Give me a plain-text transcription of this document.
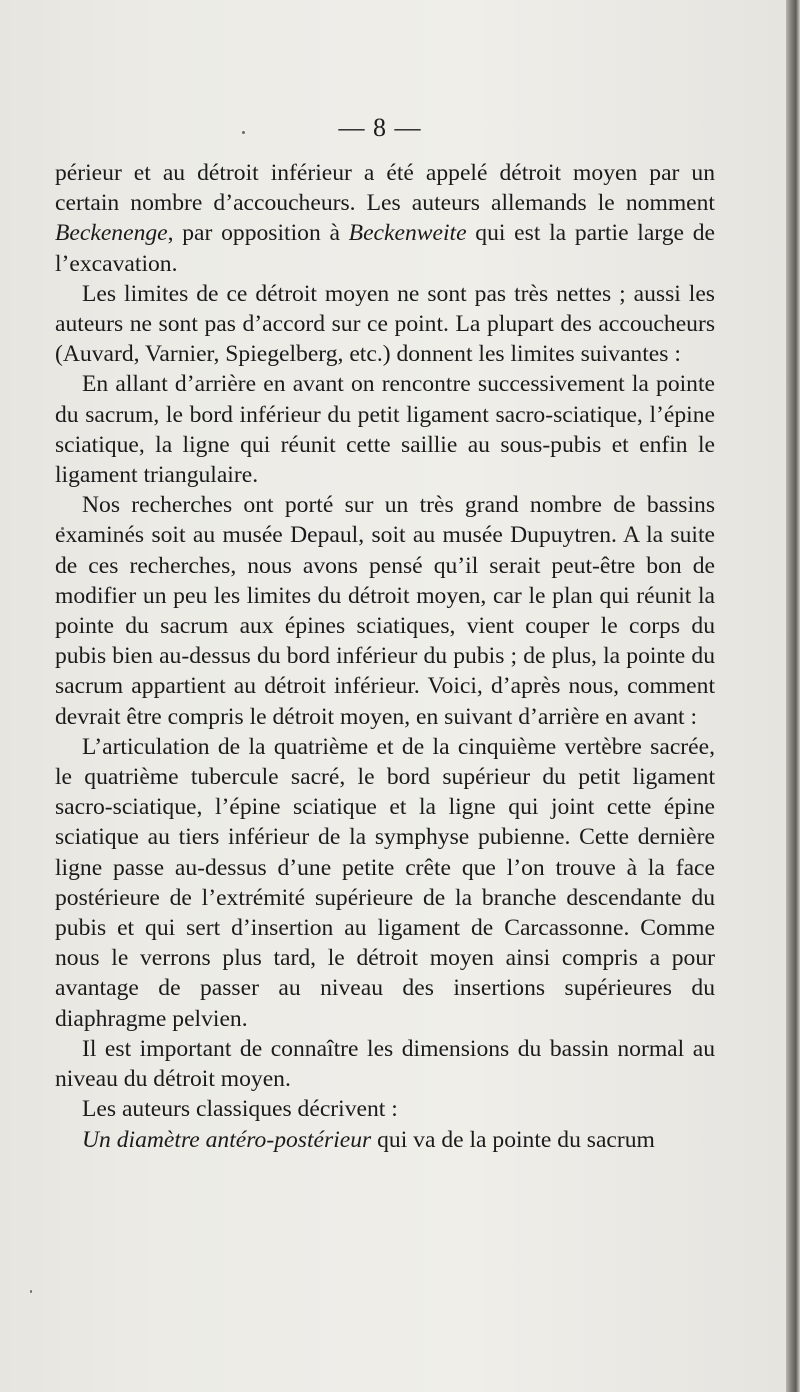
— 8 —

périeur et au détroit inférieur a été appelé détroit moyen par un certain nombre d’accoucheurs. Les auteurs allemands le nomment Beckenenge, par opposition à Beckenweite qui est la partie large de l’excavation.

Les limites de ce détroit moyen ne sont pas très nettes ; aussi les auteurs ne sont pas d’accord sur ce point. La plupart des accoucheurs (Auvard, Varnier, Spiegelberg, etc.) donnent les limites suivantes :

En allant d’arrière en avant on rencontre successivement la pointe du sacrum, le bord inférieur du petit ligament sacro-sciatique, l’épine sciatique, la ligne qui réunit cette saillie au sous-pubis et enfin le ligament triangulaire.

Nos recherches ont porté sur un très grand nombre de bassins examinés soit au musée Depaul, soit au musée Dupuytren. A la suite de ces recherches, nous avons pensé qu’il serait peut-être bon de modifier un peu les limites du détroit moyen, car le plan qui réunit la pointe du sacrum aux épines sciatiques, vient couper le corps du pubis bien au-dessus du bord inférieur du pubis ; de plus, la pointe du sacrum appartient au détroit inférieur. Voici, d’après nous, comment devrait être compris le détroit moyen, en suivant d’arrière en avant :

L’articulation de la quatrième et de la cinquième vertèbre sacrée, le quatrième tubercule sacré, le bord supérieur du petit ligament sacro-sciatique, l’épine sciatique et la ligne qui joint cette épine sciatique au tiers inférieur de la symphyse pubienne. Cette dernière ligne passe au-dessus d’une petite crête que l’on trouve à la face postérieure de l’extrémité supérieure de la branche descendante du pubis et qui sert d’insertion au ligament de Carcassonne. Comme nous le verrons plus tard, le détroit moyen ainsi compris a pour avantage de passer au niveau des insertions supérieures du diaphragme pelvien.

Il est important de connaître les dimensions du bassin normal au niveau du détroit moyen.

Les auteurs classiques décrivent :

Un diamètre antéro-postérieur qui va de la pointe du sacrum
